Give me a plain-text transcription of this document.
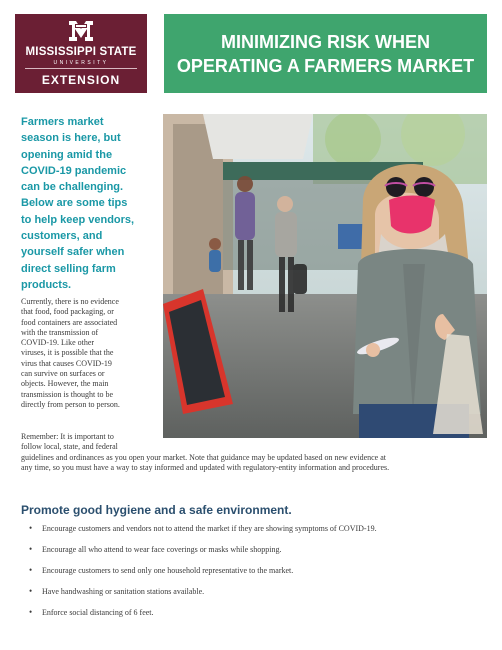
MISSISSIPPI STATE
UNIVERSITY
EXTENSION
MINIMIZING RISK WHEN
OPERATING A FARMERS MARKET
Farmers market
season is here, but
opening amid the
COVID-19 pandemic
can be challenging.
Below are some tips
to help keep vendors,
customers, and
yourself safer when
direct selling farm
products.
Currently, there is no evidence
that food, food packaging, or
food containers are associated
with the transmission of
COVID-19. Like other
viruses, it is possible that the
virus that causes COVID-19
can survive on surfaces or
objects. However, the main
transmission is thought to be
directly from person to person.
Remember: It is important to
follow local, state, and federal
guidelines and ordinances as you open your market. Note that guidance may be updated based on new evidence at
any time, so you must have a way to stay informed and updated with regulatory-entity information and procedures.
Promote good hygiene and a safe environment.
• Encourage customers and vendors not to attend the market if they are showing symptoms of COVID-19.
• Encourage all who attend to wear face coverings or masks while shopping.
• Encourage customers to send only one household representative to the market.
• Have handwashing or sanitation stations available.
• Enforce social distancing of 6 feet.
